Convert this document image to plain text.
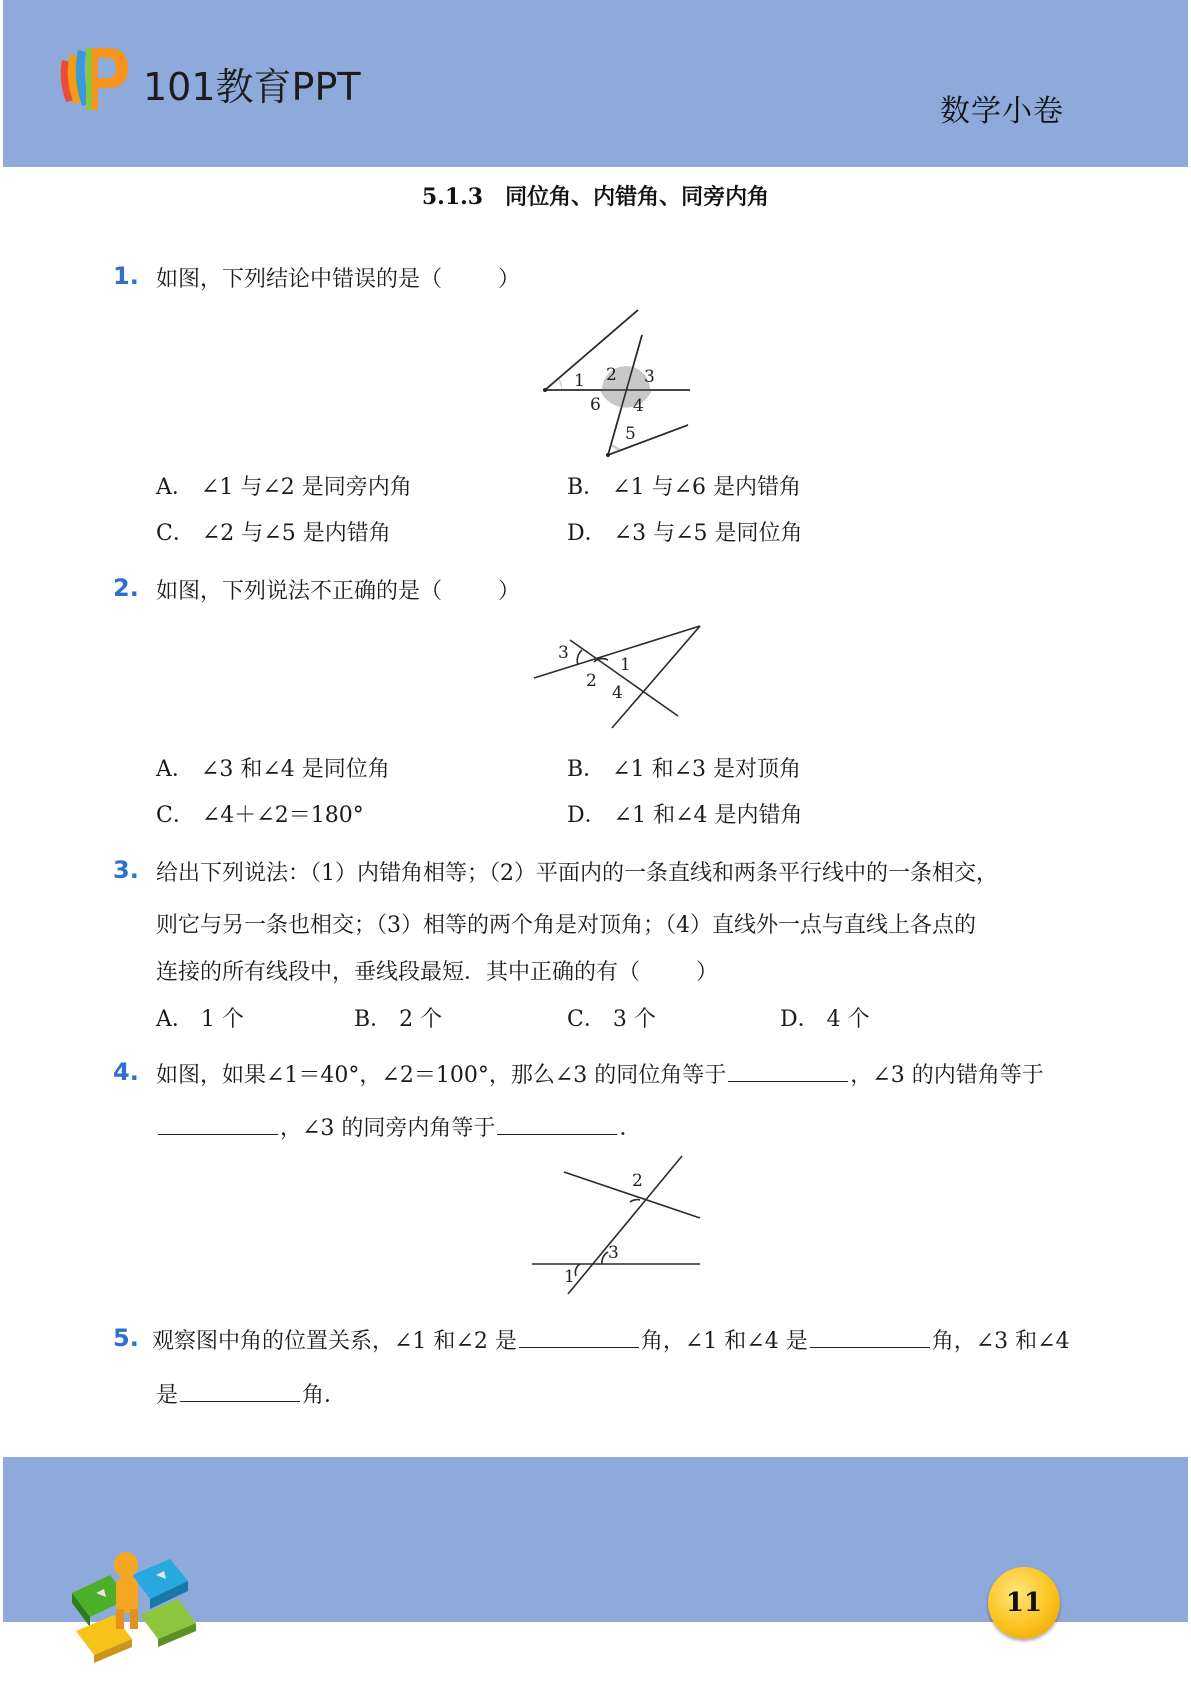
101教育PPT
数学小卷
5.1.3 同位角、内错角、同旁内角
1. 如图，下列结论中错误的是（	）
1 2 3
4
5
6
A． ∠1 与∠2 是同旁内角	B． ∠1 与∠6 是内错角
C． ∠2 与∠5 是内错角	D． ∠3 与∠5 是同位角
2. 如图，下列说法不正确的是（	）
3
1
2
4
A． ∠3 和∠4 是同位角	B． ∠1 和∠3 是对顶角
C． ∠4＋∠2＝180°	D． ∠1 和∠4 是内错角
3. 给出下列说法：（1）内错角相等；（2）平面内的一条直线和两条平行线中的一条相交，
则它与另一条也相交；（3）相等的两个角是对顶角；（4）直线外一点与直线上各点的
连接的所有线段中，垂线段最短．其中正确的有（	）
A． 1 个	B． 2 个	C． 3 个	D． 4 个
4. 如图，如果∠1＝40°，∠2＝100°，那么∠3 的同位角等于	，∠3 的内错角等于
，∠3 的同旁内角等于	．
2
3
1
5. 观察图中角的位置关系，∠1 和∠2 是	角，∠1 和∠4 是	角，∠3 和∠4
是	角．
11
